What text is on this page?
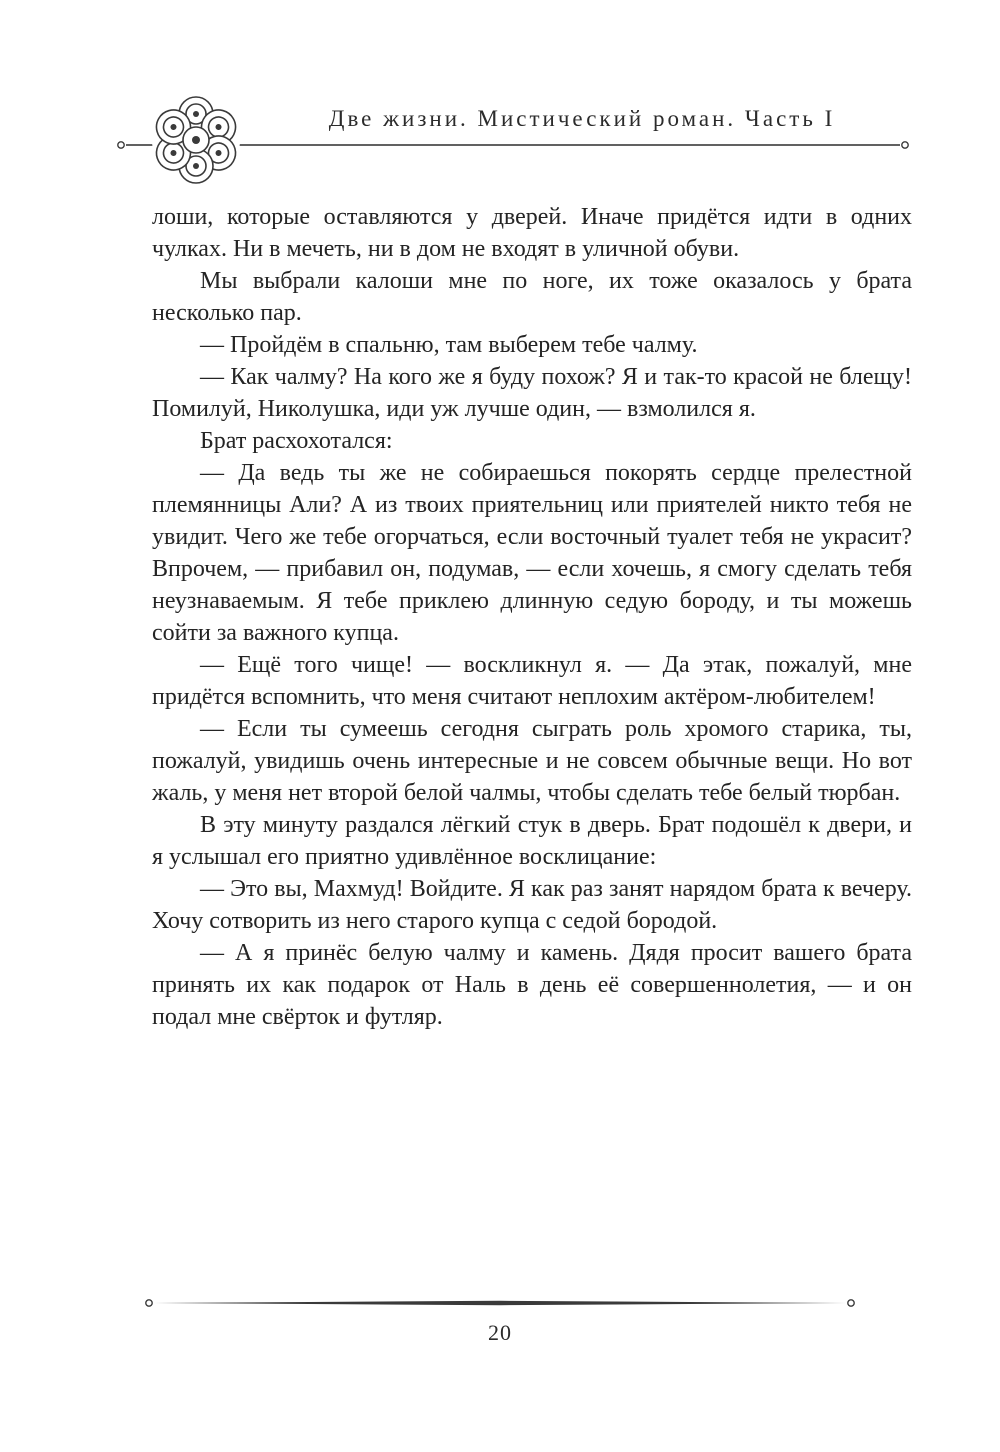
Две жизни. Мистический роман. Часть I

лоши, которые оставляются у дверей. Иначе придётся идти в одних чулках. Ни в мечеть, ни в дом не входят в уличной обуви.

Мы выбрали калоши мне по ноге, их тоже оказалось у брата несколько пар.

— Пройдём в спальню, там выберем тебе чалму.

— Как чалму? На кого же я буду похож? Я и так-то красой не блещу! Помилуй, Николушка, иди уж лучше один, — взмолился я.

Брат расхохотался:

— Да ведь ты же не собираешься покорять сердце прелестной племянницы Али? А из твоих приятельниц или приятелей никто тебя не увидит. Чего же тебе огорчаться, если восточный туалет тебя не украсит? Впрочем, — прибавил он, подумав, — если хочешь, я смогу сделать тебя неузнаваемым. Я тебе приклею длинную седую бороду, и ты можешь сойти за важного купца.

— Ещё того чище! — воскликнул я. — Да этак, пожалуй, мне придётся вспомнить, что меня считают неплохим актёром-любителем!

— Если ты сумеешь сегодня сыграть роль хромого старика, ты, пожалуй, увидишь очень интересные и не совсем обычные вещи. Но вот жаль, у меня нет второй белой чалмы, чтобы сделать тебе белый тюрбан.

В эту минуту раздался лёгкий стук в дверь. Брат подошёл к двери, и я услышал его приятно удивлённое восклицание:

— Это вы, Махмуд! Войдите. Я как раз занят нарядом брата к вечеру. Хочу сотворить из него старого купца с седой бородой.

— А я принёс белую чалму и камень. Дядя просит вашего брата принять их как подарок от Наль в день её совершеннолетия, — и он подал мне свёрток и футляр.

20
